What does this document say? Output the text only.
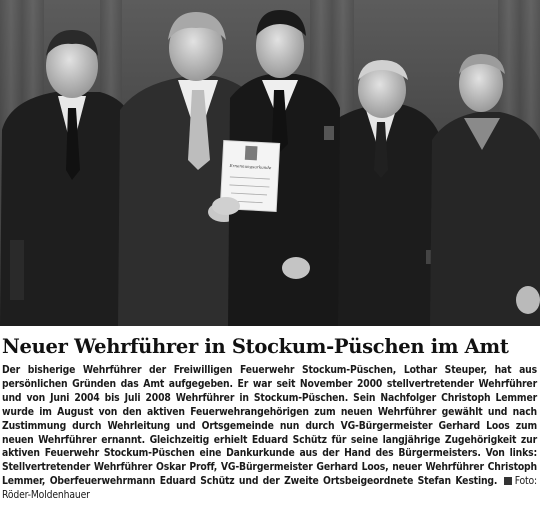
Ernennungsurkunde
Neuer Wehrführer in Stockum-Püschen im Amt
Der bisherige Wehrführer der Freiwilligen Feuerwehr Stockum-Püschen, Lothar Steuper, hat aus persönlichen Gründen das Amt aufgegeben. Er war seit November 2000 stellvertretender Wehrführer und von Juni 2004 bis Juli 2008 Wehrführer in Stockum-Püschen. Sein Nachfolger Christoph Lemmer wurde im August von den aktiven Feuerwehrangehörigen zum neuen Wehrführer gewählt und nach Zustimmung durch Wehrleitung und Ortsgemeinde nun durch VG-Bürgermeister Gerhard Loos zum neuen Wehrführer ernannt. Gleichzeitig erhielt Eduard Schütz für seine langjährige Zugehörigkeit zur aktiven Feuerwehr Stockum-Püschen eine Dankurkunde aus der Hand des Bürgermeisters. Von links: Stellvertretender Wehrführer Oskar Proff, VG-Bürgermeister Gerhard Loos, neuer Wehrführer Christoph Lemmer, Oberfeuerwehrmann Eduard Schütz und der Zweite Ortsbeigeordnete Stefan Kesting. Foto: Röder-Moldenhauer
